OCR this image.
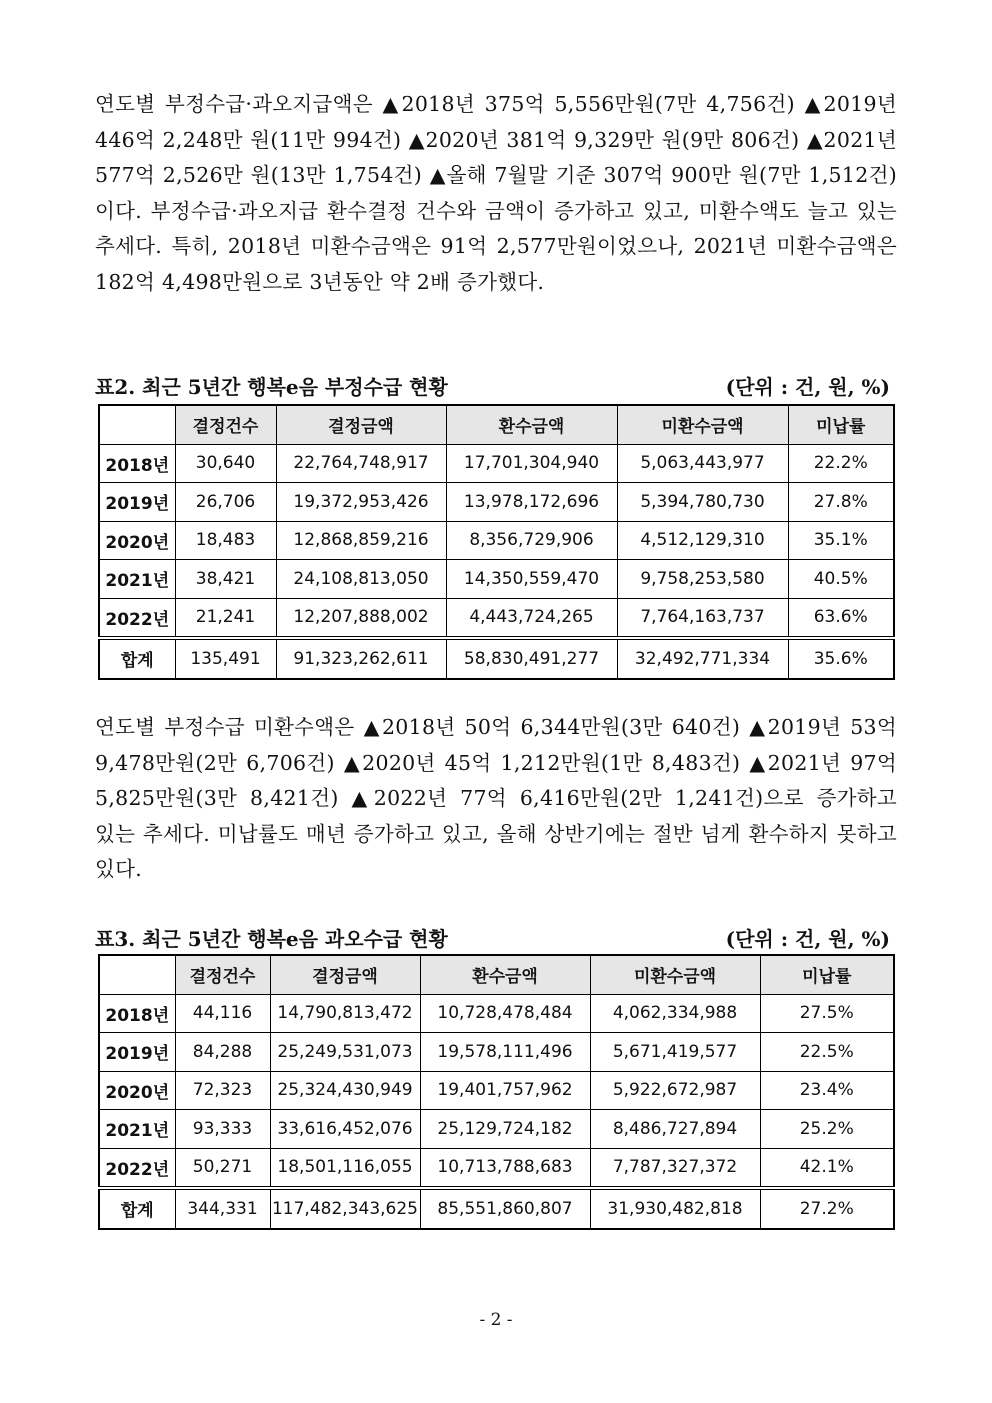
연도별 부정수급·과오지급액은 ▲2018년 375억 5,556만원(7만 4,756건) ▲2019년 446억 2,248만 원(11만 994건) ▲2020년 381억 9,329만 원(9만 806건) ▲2021년 577억 2,526만 원(13만 1,754건) ▲올해 7월말 기준 307억 900만 원(7만 1,512건)이다. 부정수급·과오지급 환수결정 건수와 금액이 증가하고 있고, 미환수액도 늘고 있는 추세다. 특히, 2018년 미환수금액은 91억 2,577만원이었으나, 2021년 미환수금액은 182억 4,498만원으로 3년동안 약 2배 증가했다.

표2. 최근 5년간 행복e음 부정수급 현황	(단위 : 건, 원, %)
	결정건수	결정금액	환수금액	미환수금액	미납률
2018년	30,640	22,764,748,917	17,701,304,940	5,063,443,977	22.2%
2019년	26,706	19,372,953,426	13,978,172,696	5,394,780,730	27.8%
2020년	18,483	12,868,859,216	8,356,729,906	4,512,129,310	35.1%
2021년	38,421	24,108,813,050	14,350,559,470	9,758,253,580	40.5%
2022년	21,241	12,207,888,002	4,443,724,265	7,764,163,737	63.6%
합계	135,491	91,323,262,611	58,830,491,277	32,492,771,334	35.6%

연도별 부정수급 미환수액은 ▲2018년 50억 6,344만원(3만 640건) ▲2019년 53억 9,478만원(2만 6,706건) ▲2020년 45억 1,212만원(1만 8,483건) ▲2021년 97억 5,825만원(3만 8,421건) ▲2022년 77억 6,416만원(2만 1,241건)으로 증가하고 있는 추세다. 미납률도 매년 증가하고 있고, 올해 상반기에는 절반 넘게 환수하지 못하고 있다.

표3. 최근 5년간 행복e음 과오수급 현황	(단위 : 건, 원, %)
	결정건수	결정금액	환수금액	미환수금액	미납률
2018년	44,116	14,790,813,472	10,728,478,484	4,062,334,988	27.5%
2019년	84,288	25,249,531,073	19,578,111,496	5,671,419,577	22.5%
2020년	72,323	25,324,430,949	19,401,757,962	5,922,672,987	23.4%
2021년	93,333	33,616,452,076	25,129,724,182	8,486,727,894	25.2%
2022년	50,271	18,501,116,055	10,713,788,683	7,787,327,372	42.1%
합계	344,331	117,482,343,625	85,551,860,807	31,930,482,818	27.2%
- 2 -
